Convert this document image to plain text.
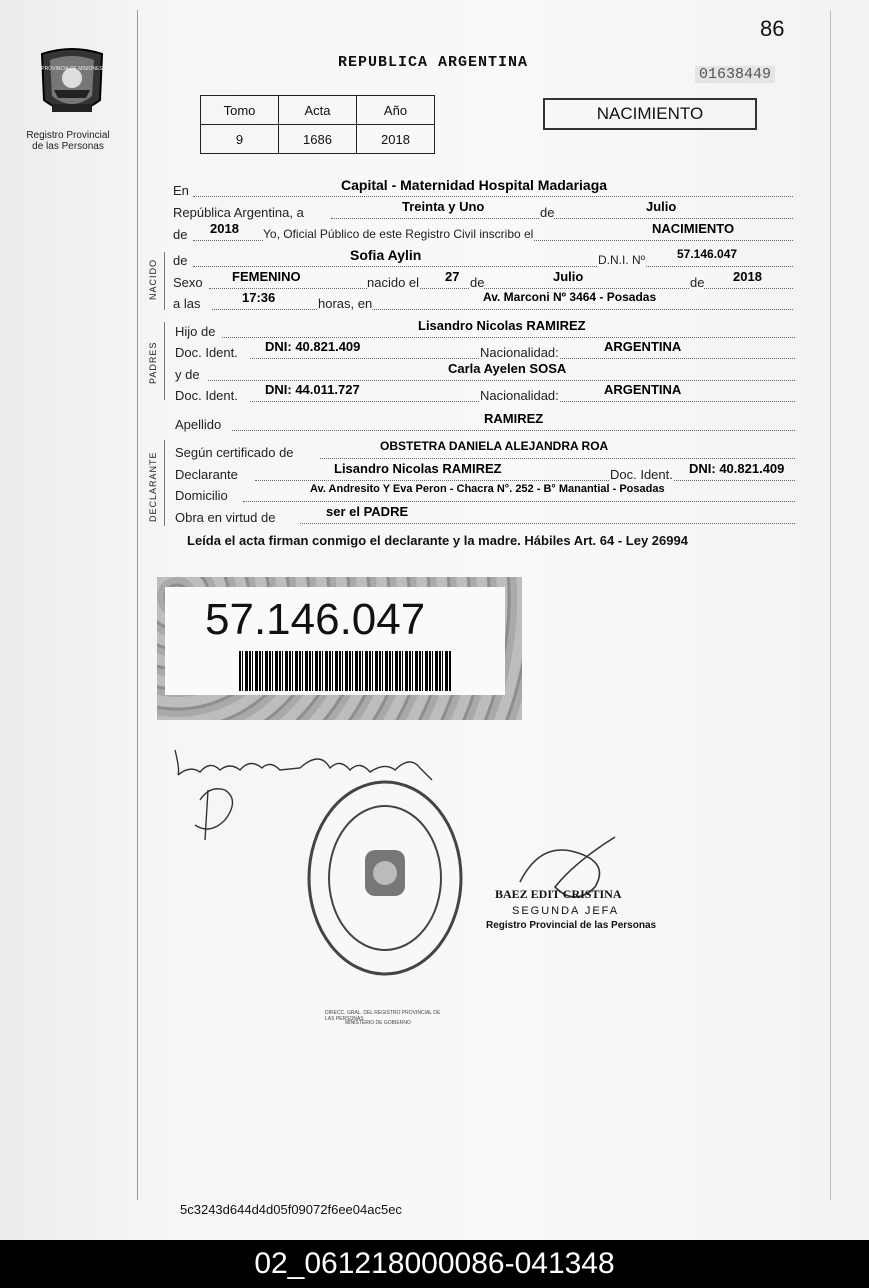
PROVINCIA DE MISIONES
Registro Provincial
de las Personas
86
REPUBLICA ARGENTINA
01638449
Tomo	Acta	Año
9	1686	2018
NACIMIENTO
En	Capital - Maternidad Hospital Madariaga
República Argentina, a	Treinta y Uno	de	Julio
de 2018 Yo, Oficial Público de este Registro Civil inscribo el	NACIMIENTO
NACIDO de	Sofia Aylin	D.N.I. Nº	57.146.047
Sexo FEMENINO	nacido el 27 de	Julio	de 2018
a las	17:36	horas, en	Av. Marconi Nº 3464 - Posadas
PADRES
Hijo de	Lisandro Nicolas RAMIREZ
Doc. Ident. DNI: 40.821.409	Nacionalidad:	ARGENTINA
y de	Carla Ayelen SOSA
Doc. Ident. DNI: 44.011.727	Nacionalidad:	ARGENTINA
Apellido	RAMIREZ
DECLARANTE Según certificado de	OBSTETRA DANIELA ALEJANDRA ROA
Declarante	Lisandro Nicolas RAMIREZ	Doc. Ident. DNI: 40.821.409
Domicilio	Av. Andresito Y Eva Peron - Chacra N°. 252 - B° Manantial - Posadas
Obra en virtud de	ser el PADRE
Leída el acta firman conmigo el declarante y la madre. Hábiles Art. 64 - Ley 26994
57.146.047
DIRECC. GRAL. DEL REGISTRO PROVINCIAL DE LAS PERSONAS
MINISTERIO DE GOBIERNO
BAEZ EDIT CRISTINA
SEGUNDA JEFA
Registro Provincial de las Personas
5c3243d644d4d05f09072f6ee04ac5ec
02_061218000086-041348
